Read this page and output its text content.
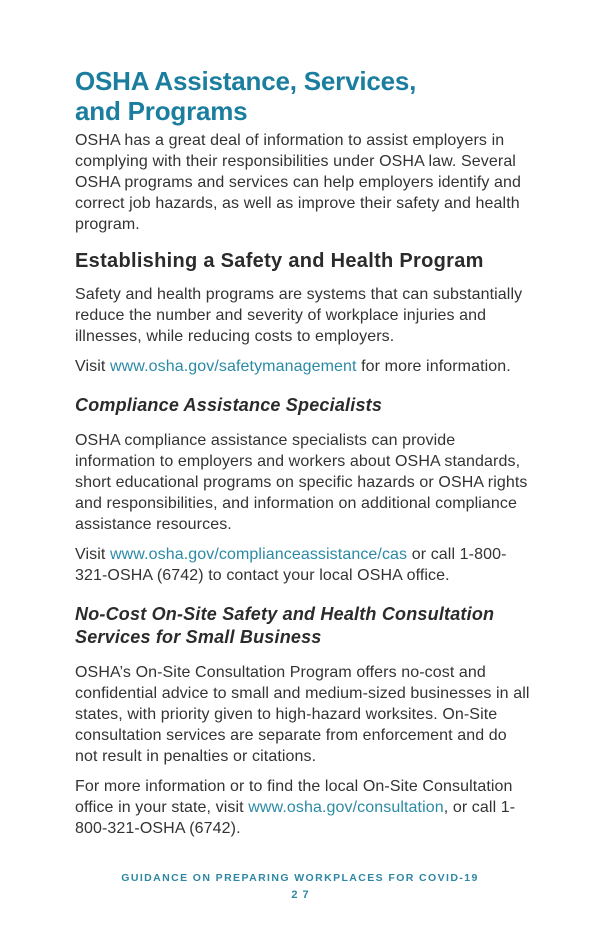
OSHA Assistance, Services,
and Programs

OSHA has a great deal of information to assist employers in complying with their responsibilities under OSHA law. Several OSHA programs and services can help employers identify and correct job hazards, as well as improve their safety and health program.

Establishing a Safety and Health Program

Safety and health programs are systems that can substantially reduce the number and severity of workplace injuries and illnesses, while reducing costs to employers.

Visit www.osha.gov/safetymanagement for more information.

Compliance Assistance Specialists

OSHA compliance assistance specialists can provide information to employers and workers about OSHA standards, short educational programs on specific hazards or OSHA rights and responsibilities, and information on additional compliance assistance resources.

Visit www.osha.gov/complianceassistance/cas or call 1-800-321-OSHA (6742) to contact your local OSHA office.

No-Cost On-Site Safety and Health Consultation Services for Small Business

OSHA’s On-Site Consultation Program offers no-cost and confidential advice to small and medium-sized businesses in all states, with priority given to high-hazard worksites. On-Site consultation services are separate from enforcement and do not result in penalties or citations.

For more information or to find the local On-Site Consultation office in your state, visit www.osha.gov/consultation, or call 1-800-321-OSHA (6742).

GUIDANCE ON PREPARING WORKPLACES FOR COVID-19
27
